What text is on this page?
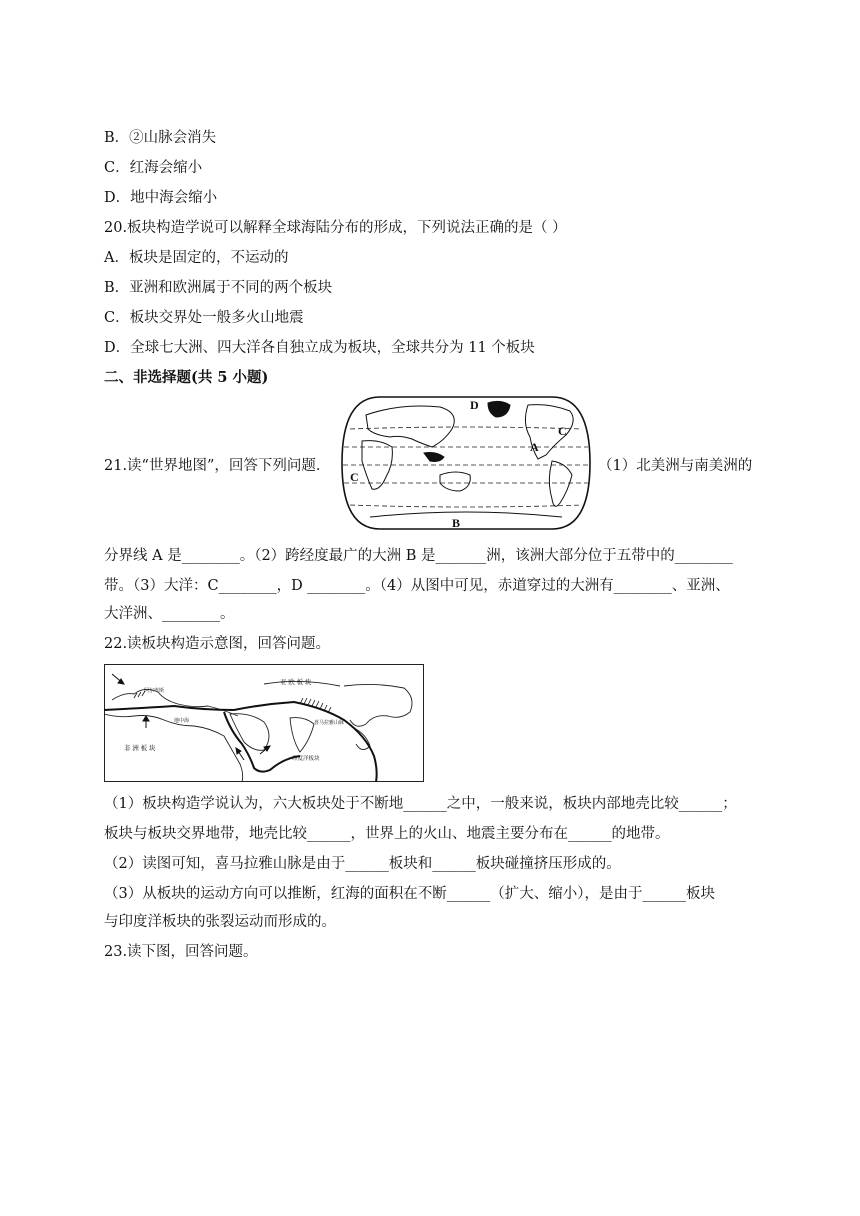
B．②山脉会消失
C．红海会缩小
D．地中海会缩小
20.板块构造学说可以解释全球海陆分布的形成，下列说法正确的是（ ）
A．板块是固定的，不运动的
B．亚洲和欧洲属于不同的两个板块
C．板块交界处一般多火山地震
D．全球七大洲、四大洋各自独立成为板块，全球共分为 11 个板块
二、非选择题(共 5 小题)
21.读“世界地图”，回答下列问题．	（1）北美洲与南美洲的
A
B
C
C
D
分界线 A 是________。（2）跨经度最广的大洲 B 是_______洲，该洲大部分位于五带中的________
带。（3）大洋：C________，D ________。（4）从图中可见，赤道穿过的大洲有________、亚洲、
大洋洲、________。
22.读板块构造示意图，回答问题。
亚 欧 板 块
非 洲 板 块
印度洋板块
阿尔卑斯
喜马拉雅山脉
地中海
（1）板块构造学说认为，六大板块处于不断地______之中，一般来说，板块内部地壳比较______；
板块与板块交界地带，地壳比较______，世界上的火山、地震主要分布在______的地带。
（2）读图可知，喜马拉雅山脉是由于______板块和______板块碰撞挤压形成的。
（3）从板块的运动方向可以推断，红海的面积在不断______（扩大、缩小），是由于______板块
与印度洋板块的张裂运动而形成的。
23.读下图，回答问题。
